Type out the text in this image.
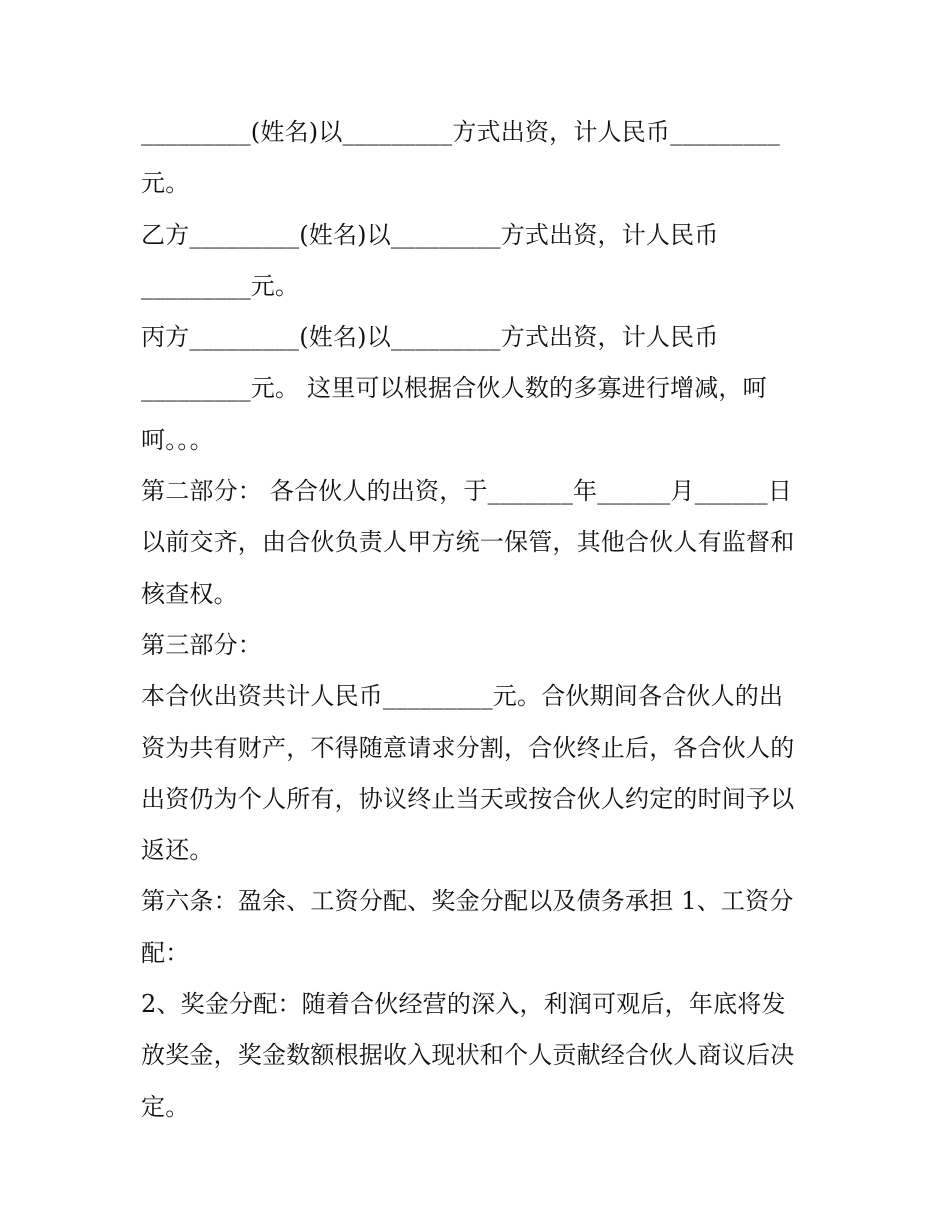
_________(姓名)以_________方式出资，计人民币_________
元。
乙方_________(姓名)以_________方式出资，计人民币
_________元。
丙方_________(姓名)以_________方式出资，计人民币
_________元。 这里可以根据合伙人数的多寡进行增减，呵
呵。。。
第二部分： 各合伙人的出资，于_______年______月______日
以前交齐，由合伙负责人甲方统一保管，其他合伙人有监督和
核查权。
第三部分：
本合伙出资共计人民币_________元。合伙期间各合伙人的出
资为共有财产，不得随意请求分割，合伙终止后，各合伙人的
出资仍为个人所有，协议终止当天或按合伙人约定的时间予以
返还。
第六条：盈余、工资分配、奖金分配以及债务承担 1、工资分
配：
2、奖金分配：随着合伙经营的深入，利润可观后，年底将发
放奖金，奖金数额根据收入现状和个人贡献经合伙人商议后决
定。
